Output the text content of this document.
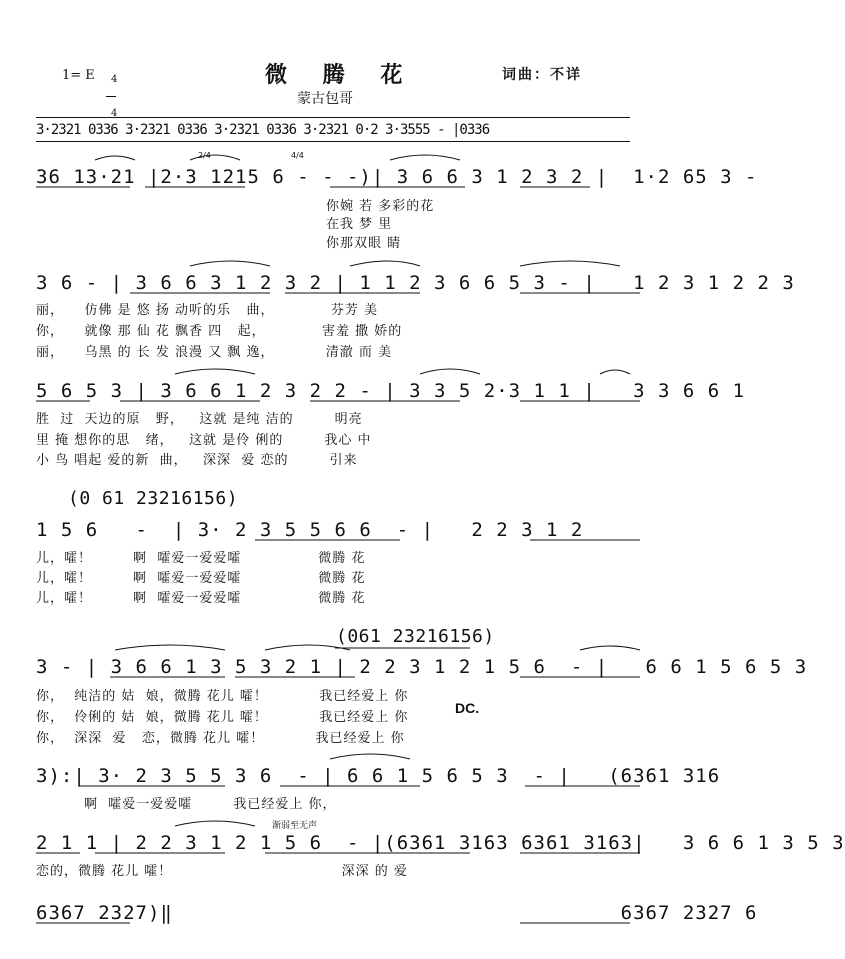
微 腾 花
蒙古包哥
词曲：不详
1= E	4

4

3·2321 0336 3·2321 0336 3·2321 0336 3·2321 0·2 3·3555 - |0336
2/4	4/4
36 13·21 |2·3 1215 6 - - -)| 3 6 6 3 1 2 3 2 |  1·2 65 3 -
你婉 若 多彩的花
在我 梦 里
你那双眼 睛
3 6 - | 3 6 6 3 1 2 3 2 | 1 1 2 3 6 6 5 3 - |   1 2 3 1 2 2 3
丽，    仿佛 是 悠 扬 动听的乐   曲，           芬芳 美
你，    就像 那 仙 花 飘香 四   起，           害羞 撒 娇的
丽，    乌黑 的 长 发 浪漫 又 飘 逸，          清澈 而 美
5 6 5 3 | 3 6 6 1 2 3 2 2 - | 3 3 5 2·3 1 1 |   3 3 6 6 1
胜  过  天边的原   野，   这就 是纯 洁的        明亮
里 掩 想你的思   绪，   这就 是伶 俐的        我心 中
小 鸟 唱起 爱的新  曲，   深深  爱 恋的        引来
(0 61 23216156)
1 5 6   -  | 3· 2 3 5 5 6 6  - |   2 2 3 1 2
儿，嚯！        啊  嚯爱一爱爱嚯               微腾 花
儿，嚯！        啊  嚯爱一爱爱嚯               微腾 花
儿，嚯！        啊  嚯爱一爱爱嚯               微腾 花
(061 23216156)
3 - | 3 6 6 1 3 5 3 2 1 | 2 2 3 1 2 1 5 6  - |   6 6 1 5 6 5 3
你，  纯洁的 姑  娘，微腾 花儿 嚯！          我已经爱上 你
你，  伶俐的 姑  娘，微腾 花儿 嚯！          我已经爱上 你
你，  深深  爱   恋，微腾 花儿 嚯！          我已经爱上 你
DC.
3):| 3· 2 3 5 5 3 6  - | 6 6 1 5 6 5 3  - |   (6361 316
啊  嚯爱一爱爱嚯        我已经爱上 你，
渐弱至无声
2 1 1 | 2 2 3 1 2 1 5 6  - |(6361 3163 6361 3163|   3 6 6 1 3 5 3
恋的，微腾 花儿 嚯！                                 深深 的 爱
6367 2327)‖                                    6367 2327 6
